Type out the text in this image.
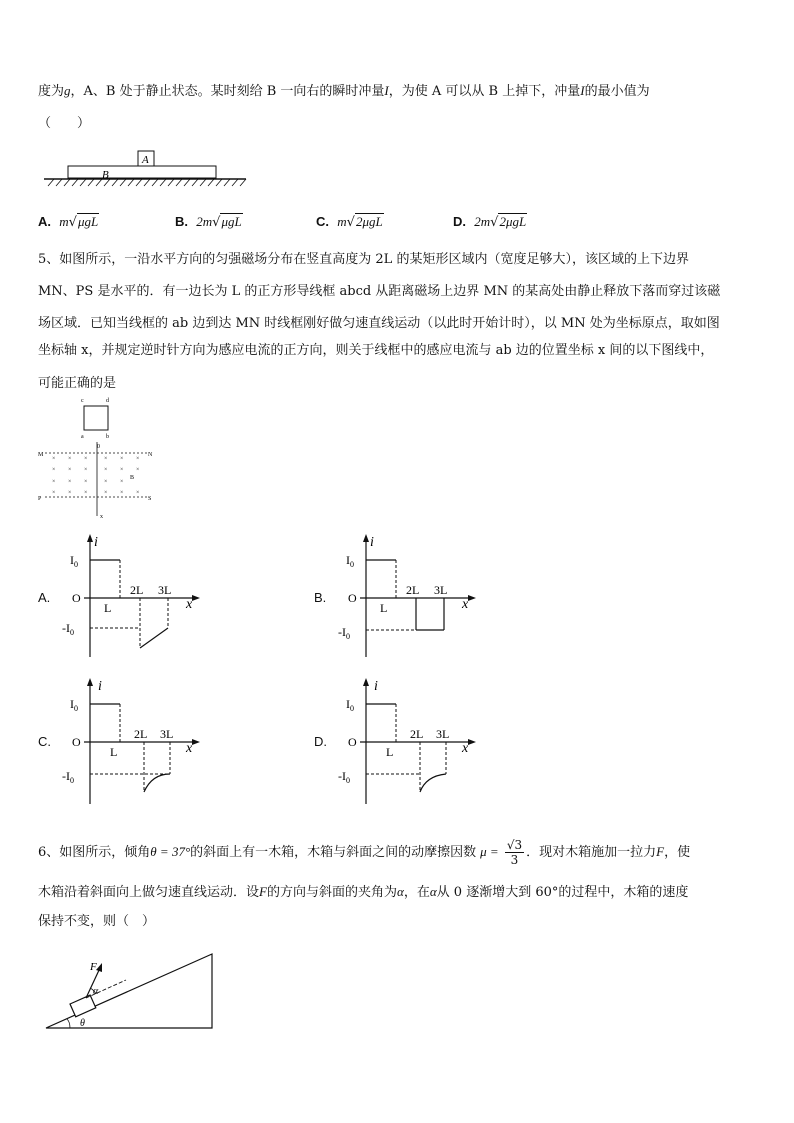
度为g，A、B 处于静止状态。某时刻给 B 一向右的瞬时冲量I，为使 A 可以从 B 上掉下，冲量I的最小值为
（　　）
A
B
A. m√μgL	B. 2m√μgL	C. m√2μgL	D. 2m√2μgL
5、如图所示，一沿水平方向的匀强磁场分布在竖直高度为 2L 的某矩形区域内（宽度足够大），该区域的上下边界
MN、PS 是水平的．有一边长为 L 的正方形导线框 abcd 从距离磁场上边界 MN 的某高处由静止释放下落而穿过该磁
场区域．已知当线框的 ab 边到达 MN 时线框刚好做匀速直线运动（以此时开始计时），以 MN 处为坐标原点，取如图
坐标轴 x，并规定逆时针方向为感应电流的正方向，则关于线框中的感应电流与 ab 边的位置坐标 x 间的以下图线中，
可能正确的是
c	d
a	b
0
M	N
P	S
B
x
× × ×	× × ×
× × ×	× × ×
× × ×	× ×
× × ×	× × ×
A.
i
$I_0$
O
L
2L 3L
x
$-I_0$
B.
i
$I_0$
O
L
2L 3L
x
$-I_0$
C.
i
$I_0$
O
L
2L 3L
x
$-I_0$
D.
i
$I_0$
O
L
2L 3L
x
$-I_0$
6、如图所示，倾角θ = 37°的斜面上有一木箱，木箱与斜面之间的动摩擦因数 $\mu = \frac{√3}{3}$ ．现对木箱施加一拉力F，使
木箱沿着斜面向上做匀速直线运动．设F的方向与斜面的夹角为α，在α从 0 逐渐增大到 60°的过程中，木箱的速度
保持不变，则（　）
F
α
θ
